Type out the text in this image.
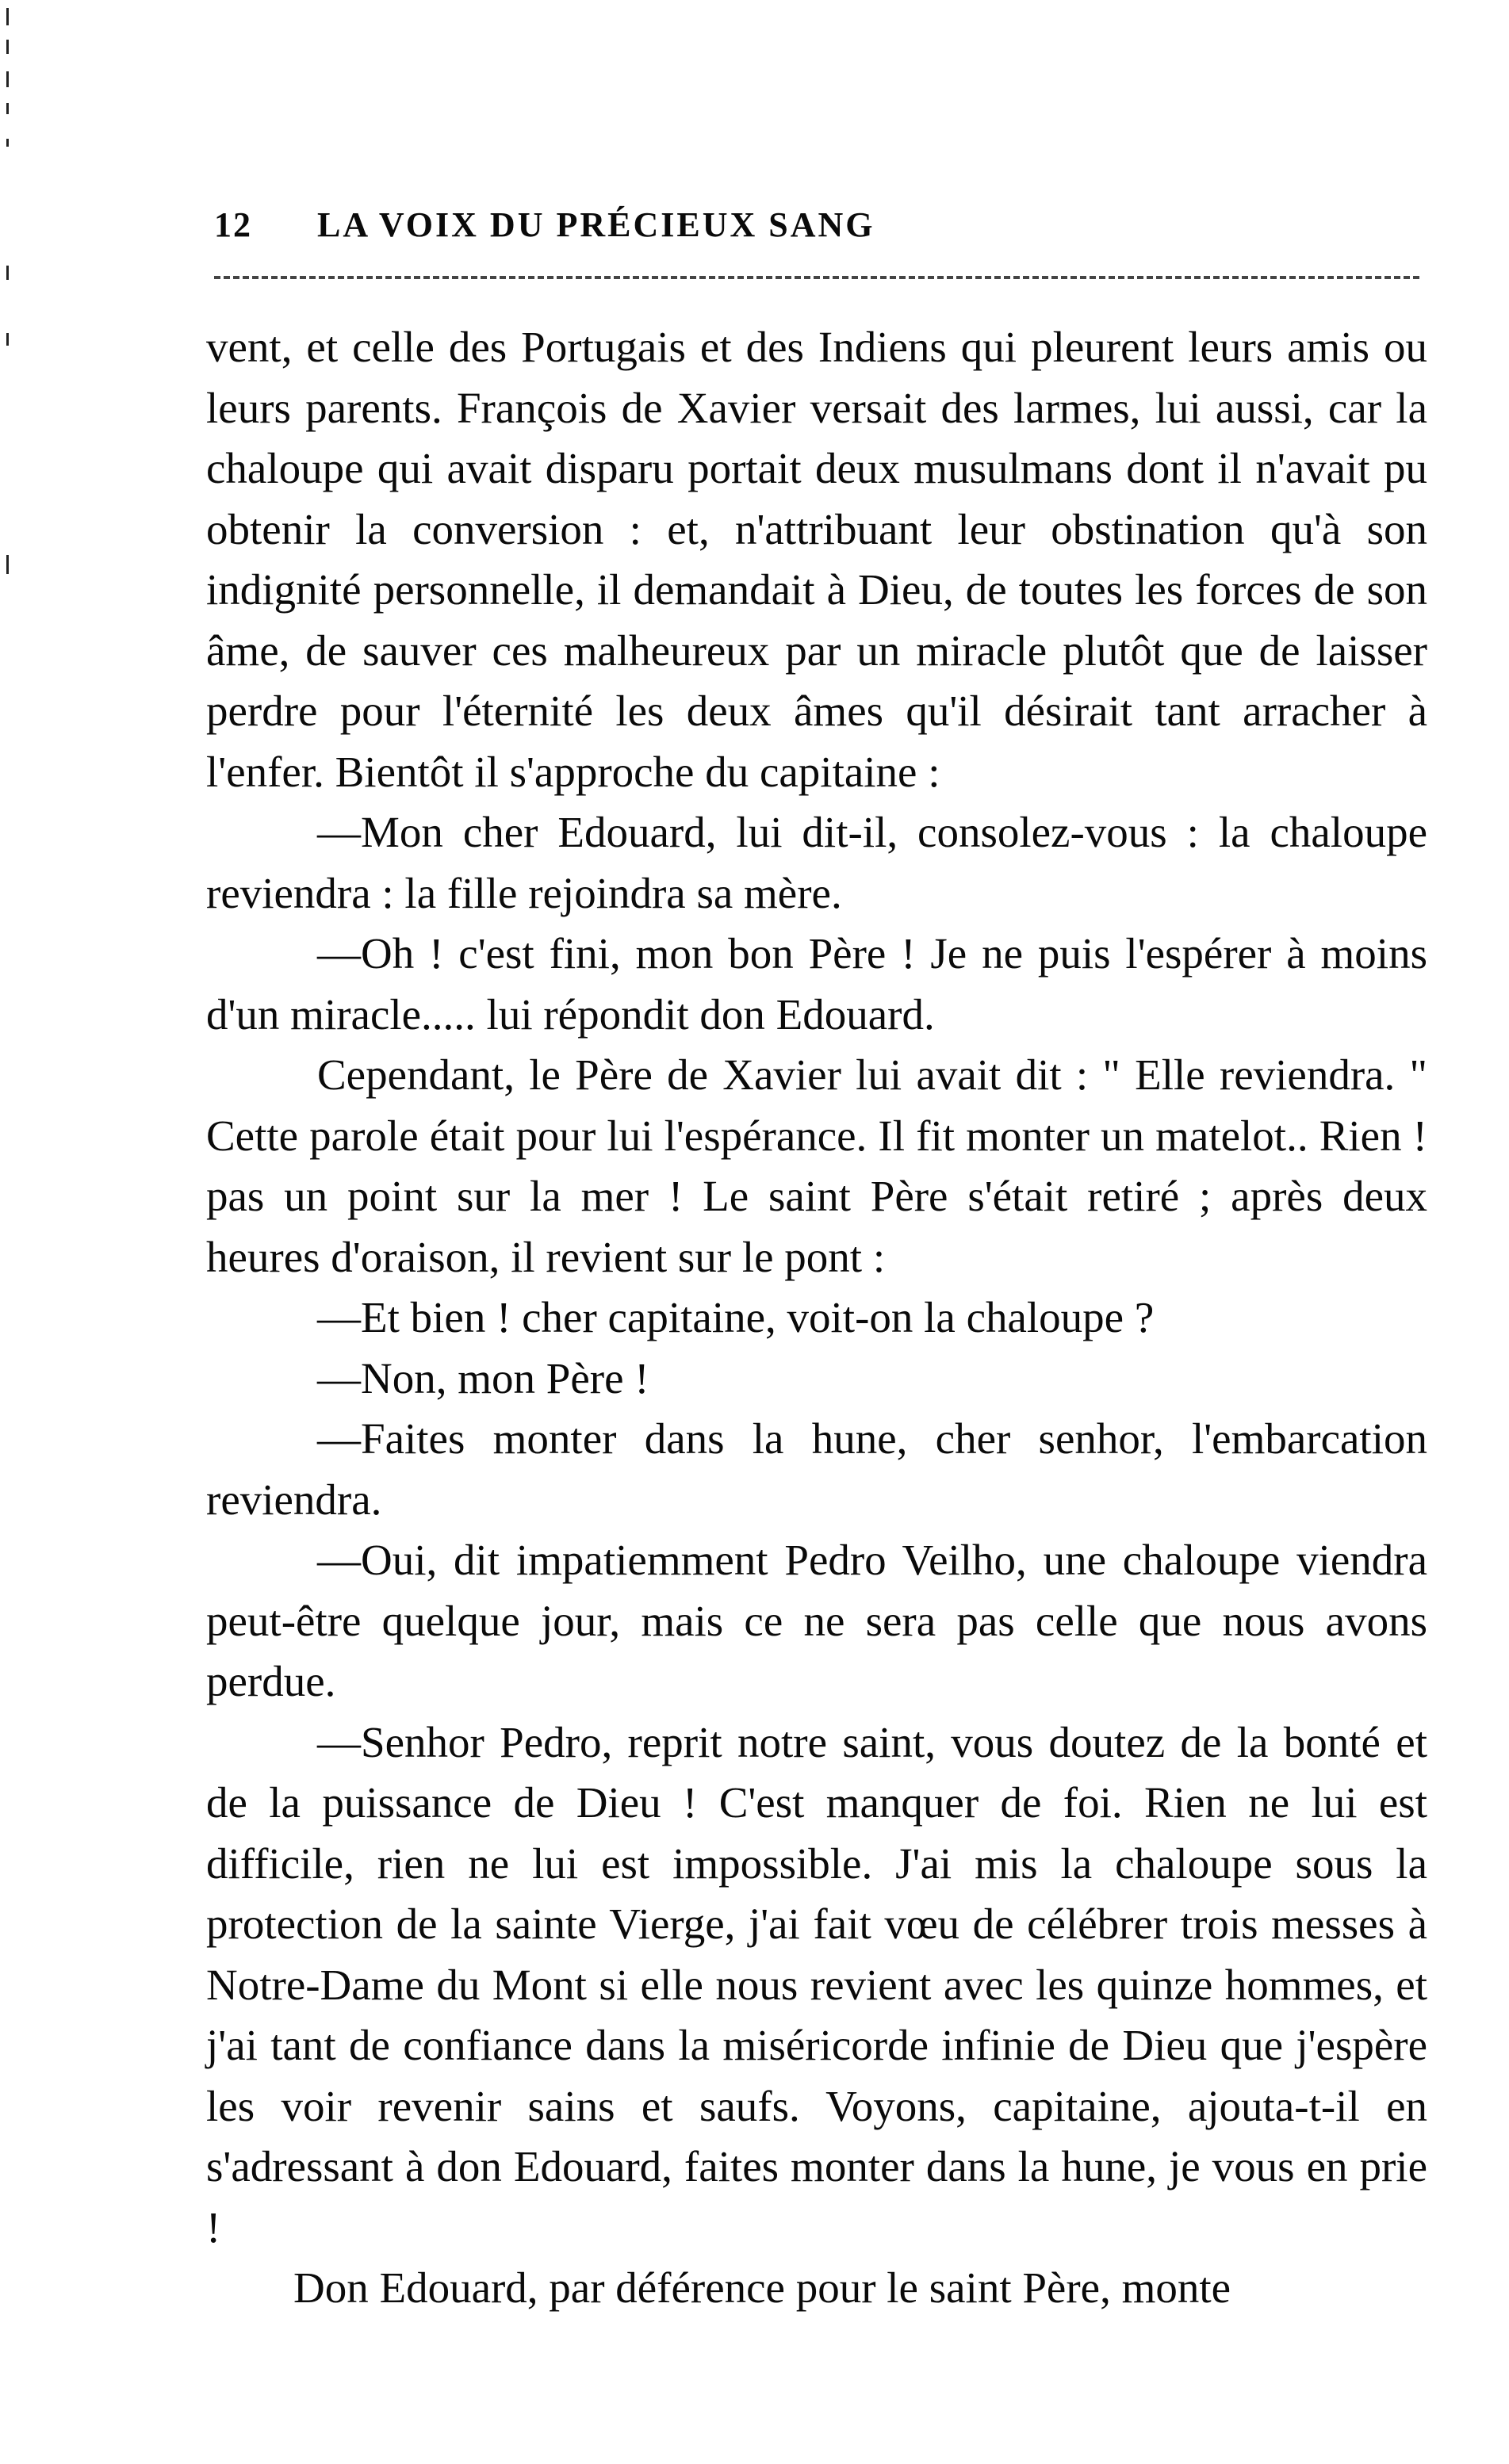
12 LA VOIX DU PRÉCIEUX SANG

vent, et celle des Portugais et des Indiens qui pleurent leurs amis ou leurs parents. François de Xavier versait des larmes, lui aussi, car la chaloupe qui avait disparu portait deux musulmans dont il n'avait pu obtenir la conversion : et, n'attribuant leur obstination qu'à son indignité personnelle, il demandait à Dieu, de toutes les forces de son âme, de sauver ces malheureux par un miracle plutôt que de laisser perdre pour l'éternité les deux âmes qu'il désirait tant arracher à l'enfer. Bientôt il s'approche du capitaine :

—Mon cher Edouard, lui dit-il, consolez-vous : la chaloupe reviendra : la fille rejoindra sa mère.

—Oh ! c'est fini, mon bon Père ! Je ne puis l'espérer à moins d'un miracle..... lui répondit don Edouard.

Cependant, le Père de Xavier lui avait dit : " Elle reviendra. " Cette parole était pour lui l'espérance. Il fit monter un matelot.. Rien ! pas un point sur la mer ! Le saint Père s'était retiré ; après deux heures d'oraison, il revient sur le pont :

—Et bien ! cher capitaine, voit-on la chaloupe ?

—Non, mon Père !

—Faites monter dans la hune, cher senhor, l'embarcation reviendra.

—Oui, dit impatiemment Pedro Veilho, une chaloupe viendra peut-être quelque jour, mais ce ne sera pas celle que nous avons perdue.

—Senhor Pedro, reprit notre saint, vous doutez de la bonté et de la puissance de Dieu ! C'est manquer de foi. Rien ne lui est difficile, rien ne lui est impossible. J'ai mis la chaloupe sous la protection de la sainte Vierge, j'ai fait vœu de célébrer trois messes à Notre-Dame du Mont si elle nous revient avec les quinze hommes, et j'ai tant de confiance dans la miséricorde infinie de Dieu que j'espère les voir revenir sains et saufs. Voyons, capitaine, ajouta-t-il en s'adressant à don Edouard, faites monter dans la hune, je vous en prie !

Don Edouard, par déférence pour le saint Père, monte
